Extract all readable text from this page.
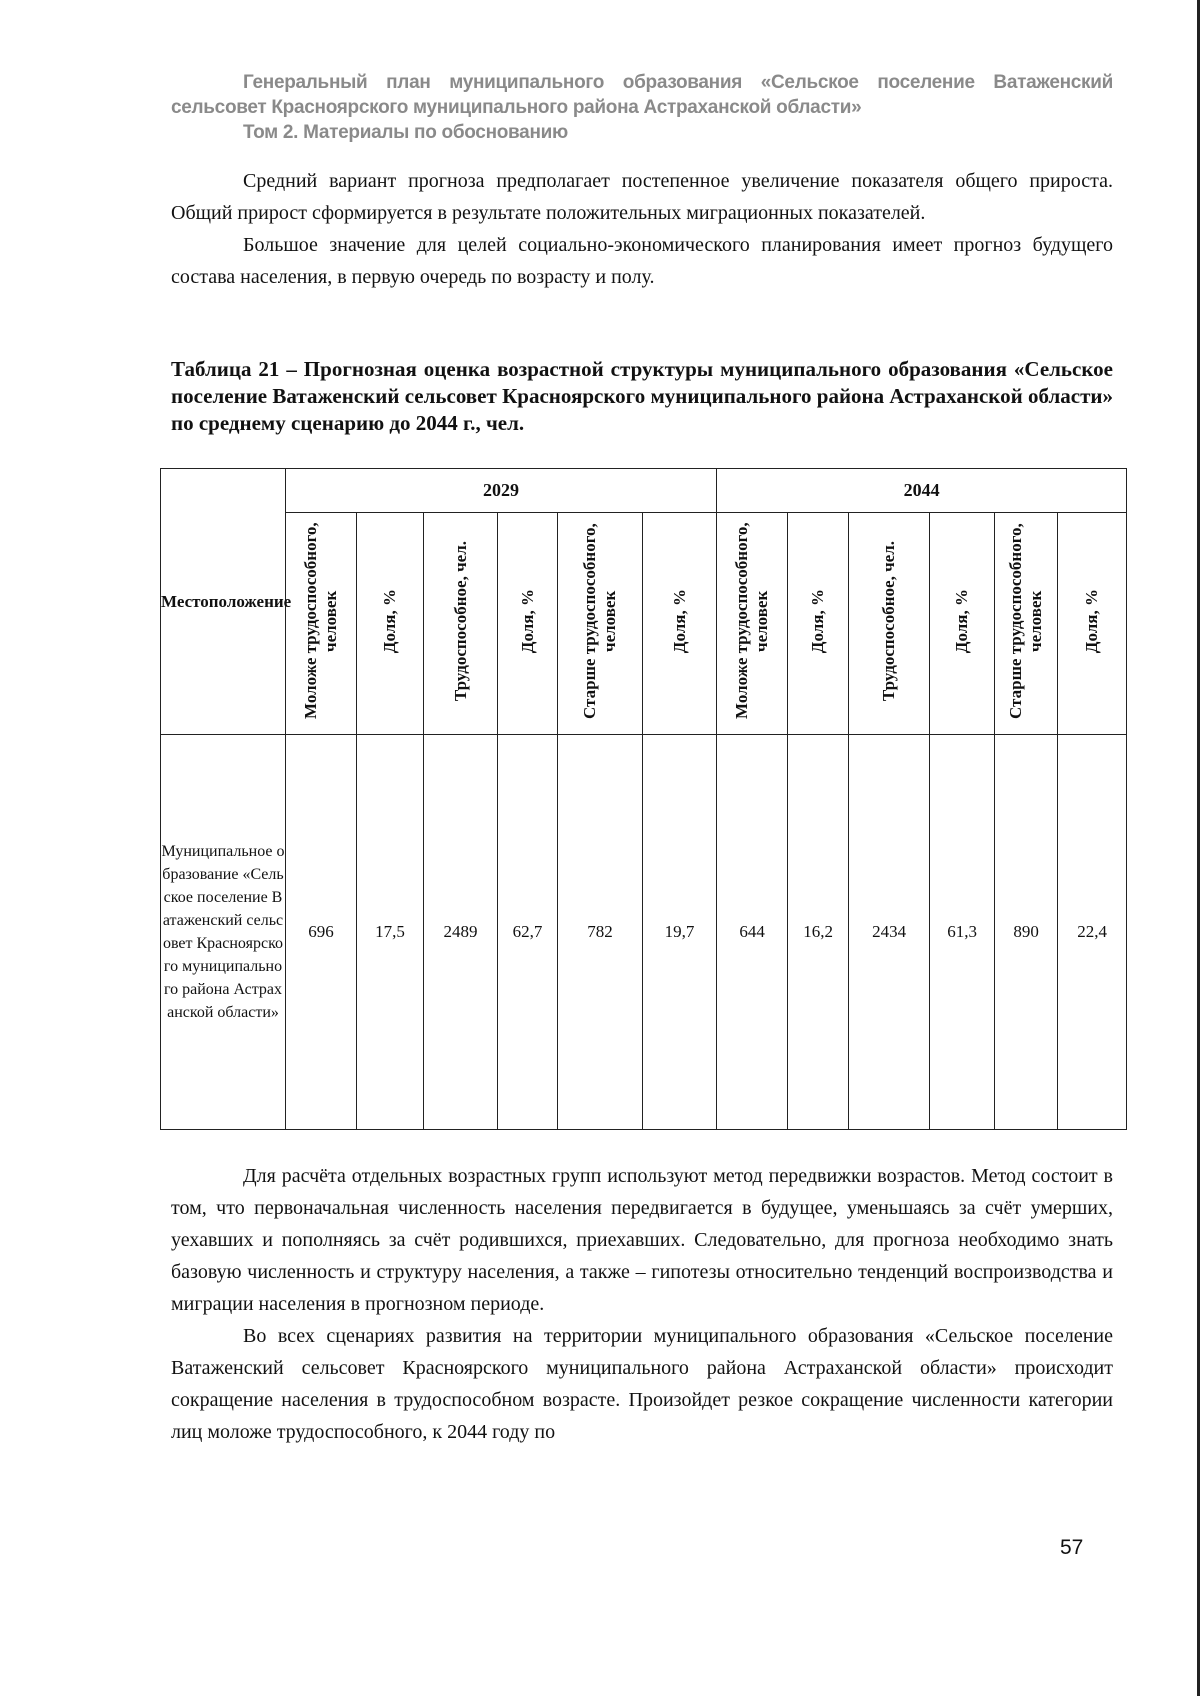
Генеральный план муниципального образования «Сельское поселение Ватаженский сельсовет Красноярского муниципального района Астраханской области»

Том 2. Материалы по обоснованию

Средний вариант прогноза предполагает постепенное увеличение показателя общего прироста. Общий прирост сформируется в результате положительных миграционных показателей.

Большое значение для целей социально-экономического планирования имеет прогноз будущего состава населения, в первую очередь по возрасту и полу.

Таблица 21 – Прогнозная оценка возрастной структуры муниципального образования «Сельское поселение Ватаженский сельсовет Красноярского муниципального района Астраханской области» по среднему сценарию до 2044 г., чел.

Местоположение	2029						2044					
	Моложе трудоспособного, человек	Доля, %	Трудоспособное, чел.	Доля, %	Старше трудоспособного, человек	Доля, %	Моложе трудоспособного, человек	Доля, %	Трудоспособное, чел.	Доля, %	Старше трудоспособного, человек	Доля, %
Муниципальное образование «Сельское поселение Ватаженский сельсовет Красноярского муниципального района Астраханской области»	696	17,5	2489	62,7	782	19,7	644	16,2	2434	61,3	890	22,4

Для расчёта отдельных возрастных групп используют метод передвижки возрастов. Метод состоит в том, что первоначальная численность населения передвигается в будущее, уменьшаясь за счёт умерших, уехавших и пополняясь за счёт родившихся, приехавших. Следовательно, для прогноза необходимо знать базовую численность и структуру населения, а также – гипотезы относительно тенденций воспроизводства и миграции населения в прогнозном периоде.

Во всех сценариях развития на территории муниципального образования «Сельское поселение Ватаженский сельсовет Красноярского муниципального района Астраханской области» происходит сокращение населения в трудоспособном возрасте. Произойдет резкое сокращение численности категории лиц моложе трудоспособного, к 2044 году по

57
